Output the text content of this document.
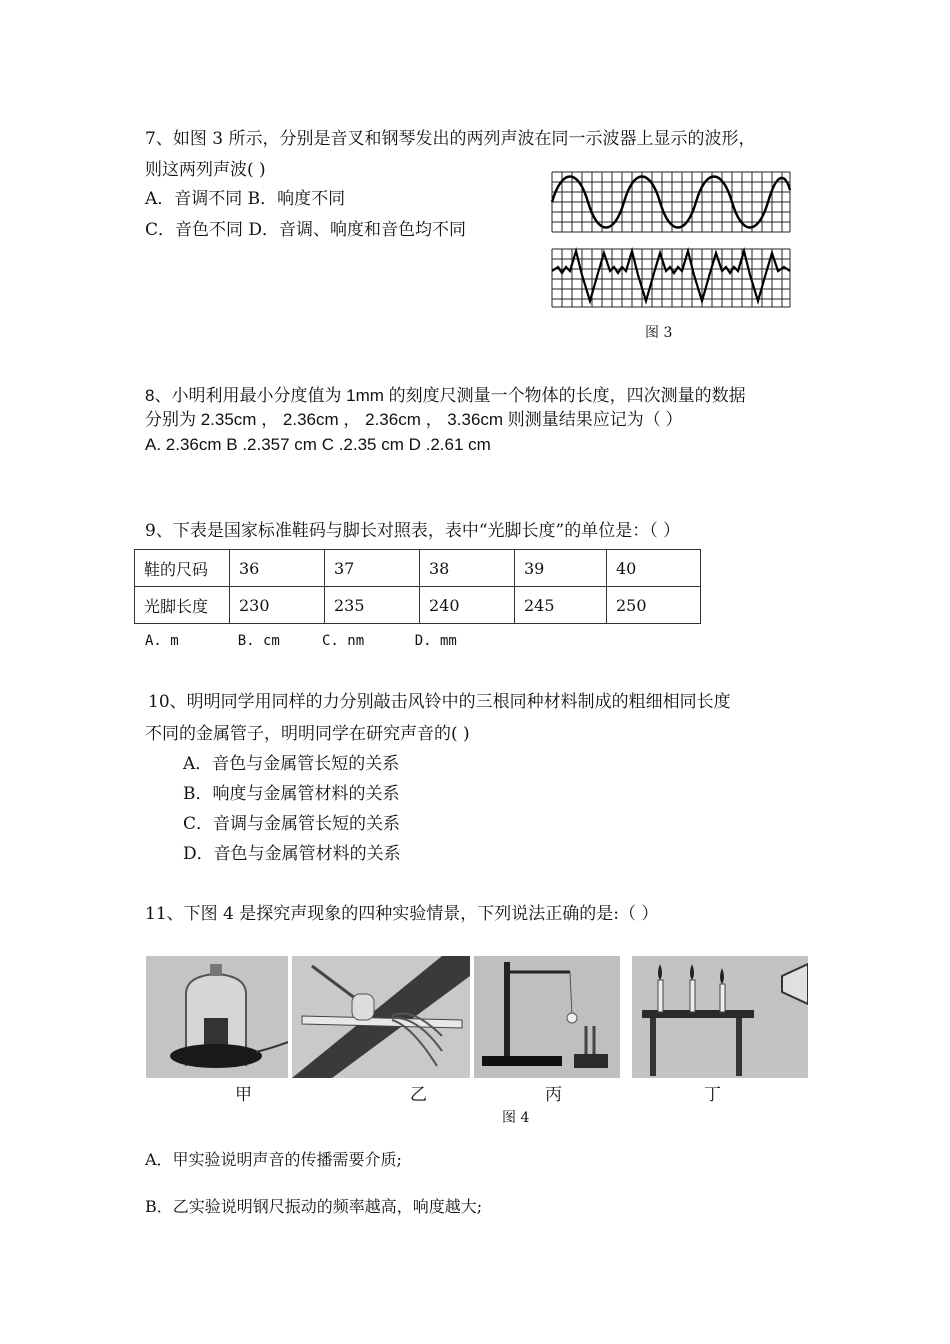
7、如图 3 所示，分别是音叉和钢琴发出的两列声波在同一示波器上显示的波形，
则这两列声波( )
A．音调不同 B．响度不同
C．音色不同 D．音调、响度和音色均不同
图 3
8、小明利用最小分度值为 1mm 的刻度尺测量一个物体的长度，四次测量的数据
分别为 2.35cm ， 2.36cm ， 2.36cm ， 3.36cm 则测量结果应记为（ ）
A. 2.36cm B .2.357 cm C .2.35 cm D .2.61 cm
9、下表是国家标准鞋码与脚长对照表，表中“光脚长度”的单位是：（ ）
鞋的尺码	36	37	38	39	40
光脚长度	230	235	240	245	250
A. m       B. cm     C. nm      D. mm
10、明明同学用同样的力分别敲击风铃中的三根同种材料制成的粗细相同长度
不同的金属管子，明明同学在研究声音的( )
A．音色与金属管长短的关系
B．响度与金属管材料的关系
C．音调与金属管长短的关系
D．音色与金属管材料的关系
11、下图 4 是探究声现象的四种实验情景，下列说法正确的是:（ ）
甲	乙	丙	丁
图 4
A．甲实验说明声音的传播需要介质;
B．乙实验说明钢尺振动的频率越高，响度越大;
